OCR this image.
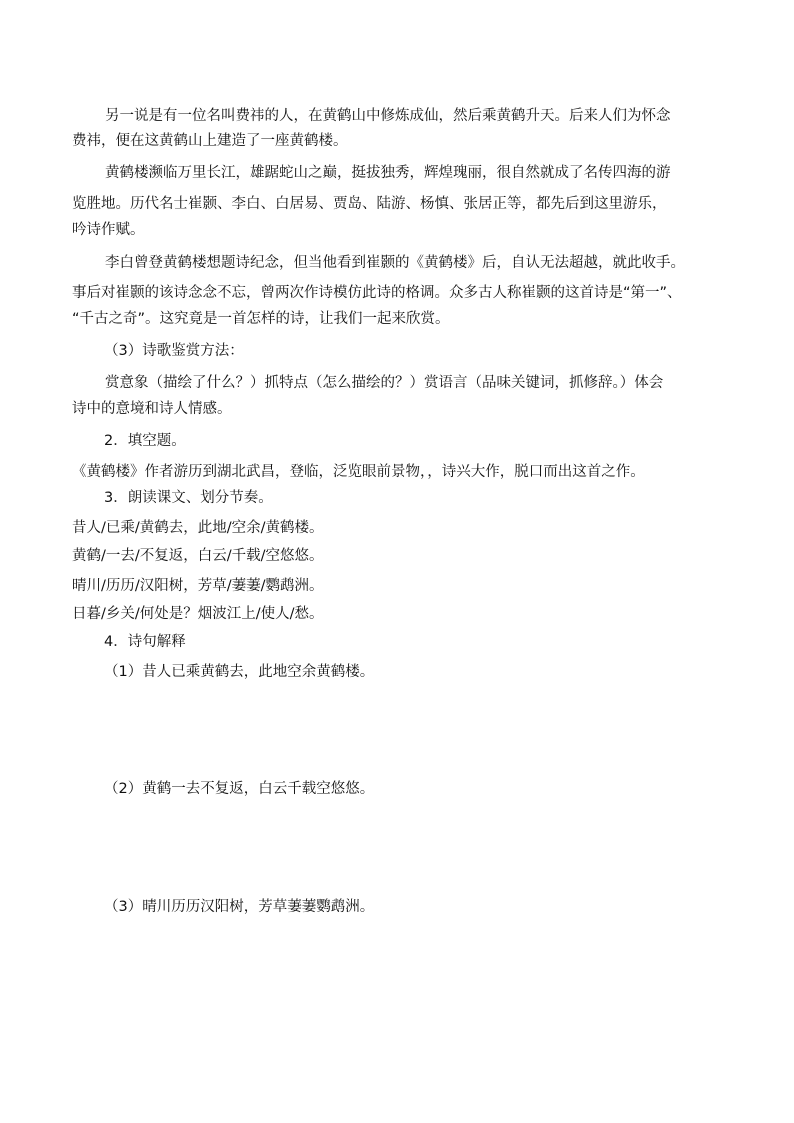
另一说是有一位名叫费祎的人，在黄鹤山中修炼成仙，然后乘黄鹤升天。后来人们为怀念
费祎，便在这黄鹤山上建造了一座黄鹤楼。
黄鹤楼濒临万里长江，雄踞蛇山之巅，挺拔独秀，辉煌瑰丽，很自然就成了名传四海的游
览胜地。历代名士崔颢、李白、白居易、贾岛、陆游、杨慎、张居正等，都先后到这里游乐，
吟诗作赋。
李白曾登黄鹤楼想题诗纪念，但当他看到崔颢的《黄鹤楼》后，自认无法超越，就此收手。
事后对崔颢的该诗念念不忘，曾两次作诗模仿此诗的格调。众多古人称崔颢的这首诗是“第一”、
“千古之奇”。这究竟是一首怎样的诗，让我们一起来欣赏。
（3）诗歌鉴赏方法：
赏意象（描绘了什么？）抓特点（怎么描绘的？）赏语言（品味关键词，抓修辞。）体会
诗中的意境和诗人情感。
2．填空题。
《黄鹤楼》作者游历到湖北武昌，登临，泛览眼前景物，，诗兴大作，脱口而出这首之作。
3．朗读课文、划分节奏。
昔人/已乘/黄鹤去，此地/空余/黄鹤楼。
黄鹤/一去/不复返，白云/千载/空悠悠。
晴川/历历/汉阳树，芳草/萋萋/鹦鹉洲。
日暮/乡关/何处是？烟波江上/使人/愁。
4．诗句解释
（1）昔人已乘黄鹤去，此地空余黄鹤楼。
（2）黄鹤一去不复返，白云千载空悠悠。
（3）晴川历历汉阳树，芳草萋萋鹦鹉洲。
